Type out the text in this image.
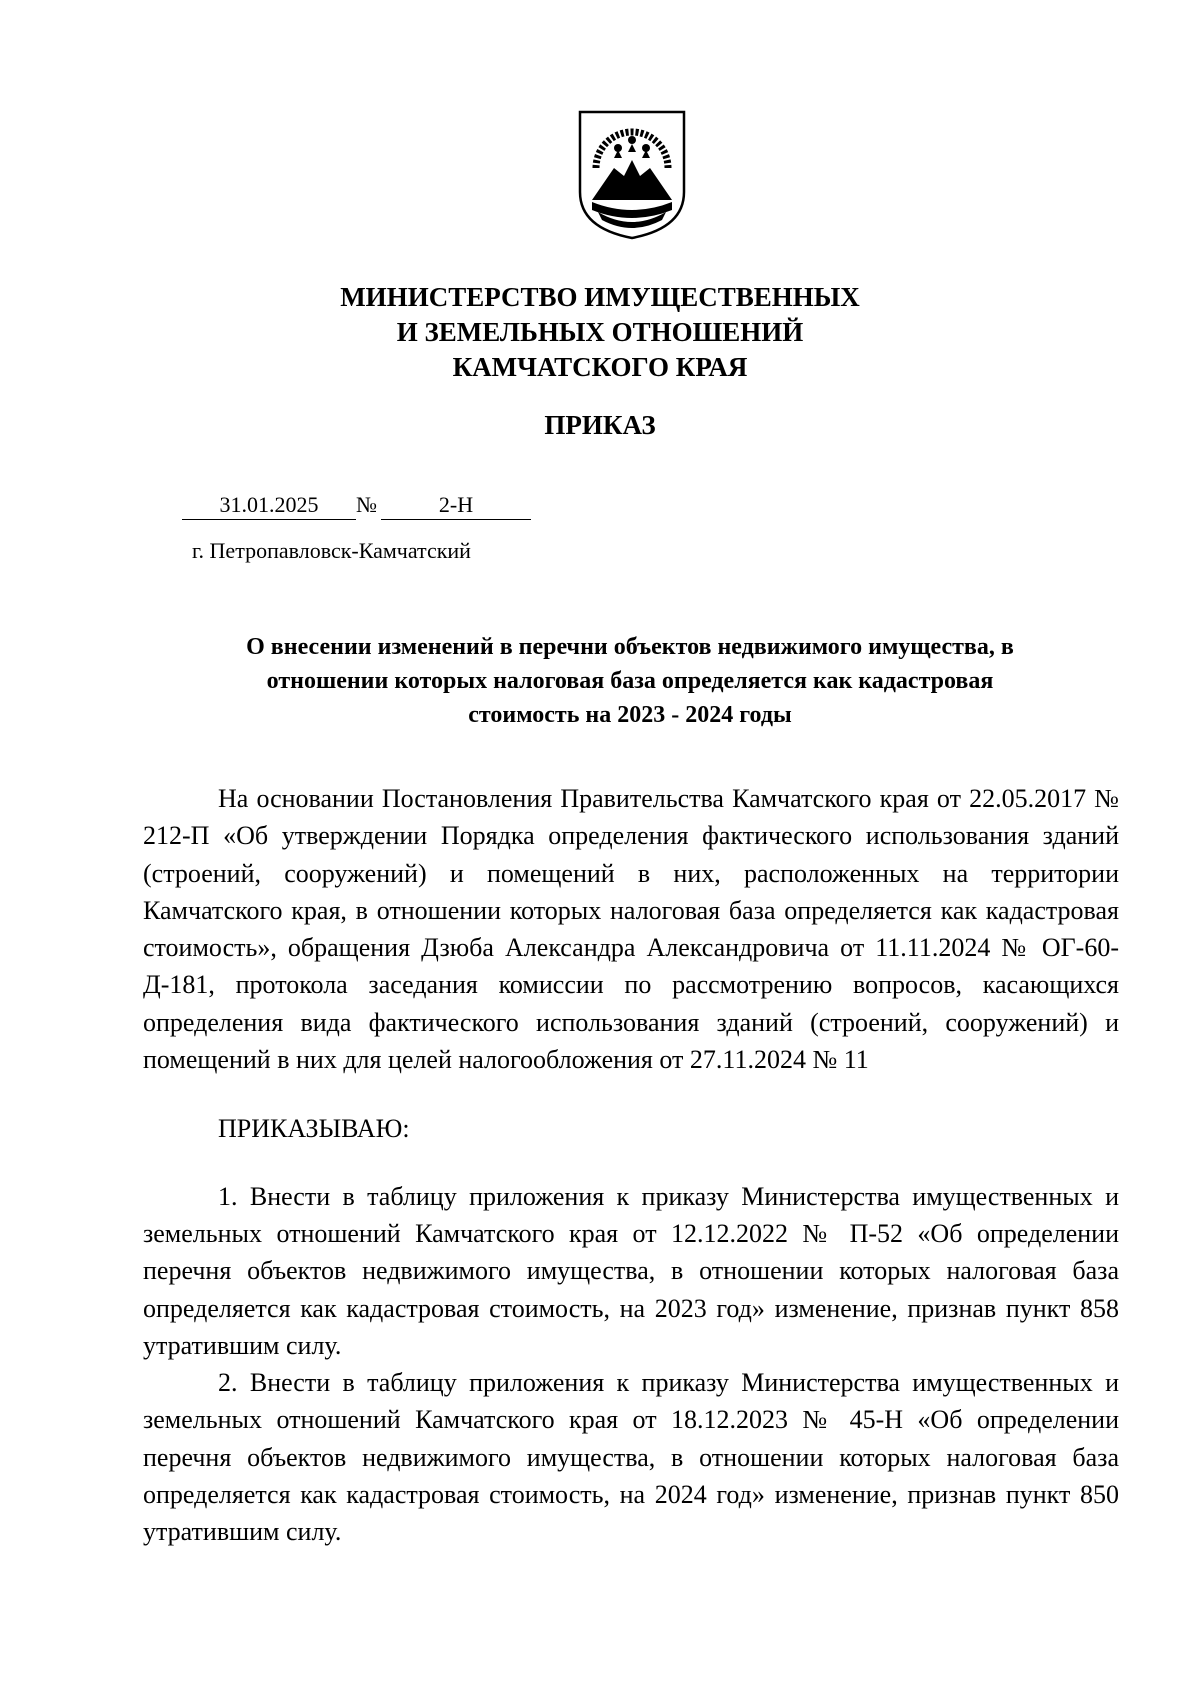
МИНИСТЕРСТВО ИМУЩЕСТВЕННЫХ
И ЗЕМЕЛЬНЫХ ОТНОШЕНИЙ
КАМЧАТСКОГО КРАЯ
ПРИКАЗ
31.01.2025 №	2-Н
г. Петропавловск-Камчатский
О внесении изменений в перечни объектов недвижимого имущества, в
отношении которых налоговая база определяется как кадастровая
стоимость на 2023 - 2024 годы

На основании Постановления Правительства Камчатского края от 22.05.2017 № 212-П «Об утверждении Порядка определения фактического использования зданий (строений, сооружений) и помещений в них, расположенных на территории Камчатского края, в отношении которых налоговая база определяется как кадастровая стоимость», обращения Дзюба Александра Александровича от 11.11.2024 № ОГ-60-Д-181, протокола заседания комиссии по рассмотрению вопросов, касающихся определения вида фактического использования зданий (строений, сооружений) и помещений в них для целей налогообложения от 27.11.2024 № 11

ПРИКАЗЫВАЮ:

1. Внести в таблицу приложения к приказу Министерства имущественных и земельных отношений Камчатского края от 12.12.2022 № П-52 «Об определении перечня объектов недвижимого имущества, в отношении которых налоговая база определяется как кадастровая стоимость, на 2023 год» изменение, признав пункт 858 утратившим силу.

2. Внести в таблицу приложения к приказу Министерства имущественных и земельных отношений Камчатского края от 18.12.2023 № 45-Н «Об определении перечня объектов недвижимого имущества, в отношении которых налоговая база определяется как кадастровая стоимость, на 2024 год» изменение, признав пункт 850 утратившим силу.
